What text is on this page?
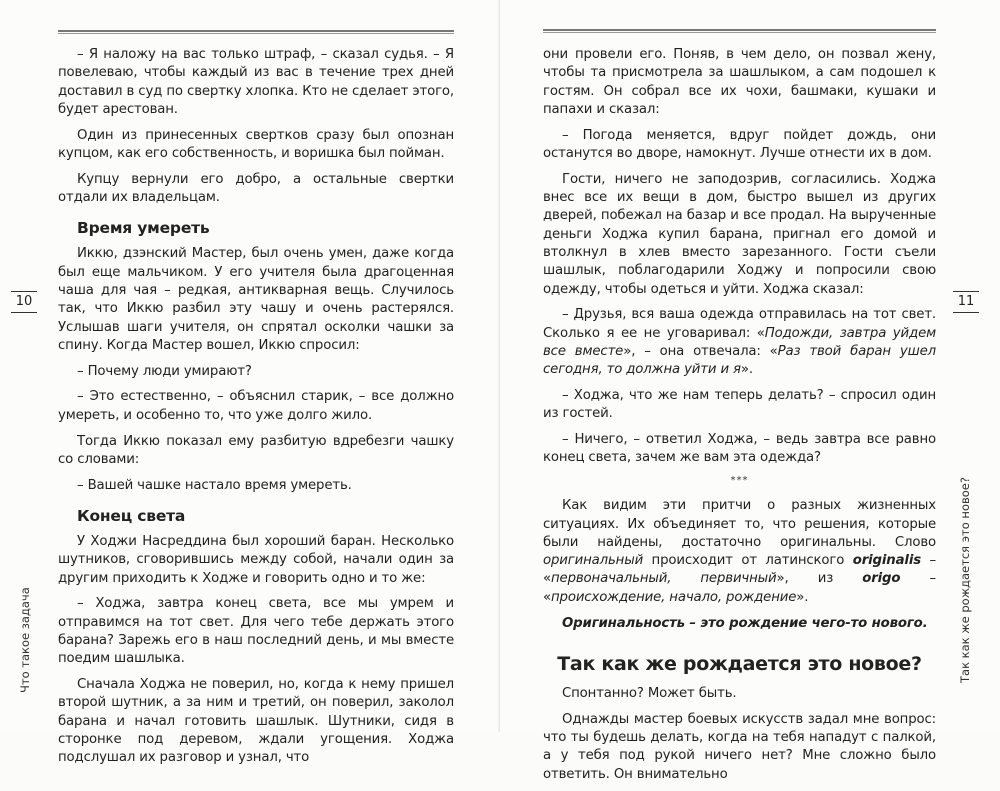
– Я наложу на вас только штраф, – сказал судья. – Я повелеваю, чтобы каждый из вас в течение трех дней доставил в суд по свертку хлопка. Кто не сделает этого, будет арестован.

Один из принесенных свертков сразу был опознан купцом, как его собственность, и воришка был пойман.

Купцу вернули его добро, а остальные свертки отдали их владельцам.

Время умереть

Иккю, дзэнский Мастер, был очень умен, даже когда был еще мальчиком. У его учителя была драгоценная чаша для чая – редкая, антикварная вещь. Случилось так, что Иккю разбил эту чашу и очень растерялся. Услышав шаги учителя, он спрятал осколки чашки за спину. Когда Мастер вошел, Иккю спросил:

– Почему люди умирают?

– Это естественно, – объяснил старик, – все должно умереть, и особенно то, что уже долго жило.

Тогда Иккю показал ему разбитую вдребезги чашку со словами:

– Вашей чашке настало время умереть.

Конец света

У Ходжи Насреддина был хороший баран. Несколько шутников, сговорившись между собой, начали один за другим приходить к Ходже и говорить одно и то же:

– Ходжа, завтра конец света, все мы умрем и отправимся на тот свет. Для чего тебе держать этого барана? Зарежь его в наш последний день, и мы вместе поедим шашлыка.

Сначала Ходжа не поверил, но, когда к нему пришел второй шутник, а за ним и третий, он поверил, заколол барана и начал готовить шашлык. Шутники, сидя в сторонке под деревом, ждали угощения. Ходжа подслушал их разговор и узнал, что

10
Что такое задача

они провели его. Поняв, в чем дело, он позвал жену, чтобы та присмотрела за шашлыком, а сам подошел к гостям. Он собрал все их чохи, башмаки, кушаки и папахи и сказал:

– Погода меняется, вдруг пойдет дождь, они останутся во дворе, намокнут. Лучше отнести их в дом.

Гости, ничего не заподозрив, согласились. Ходжа внес все их вещи в дом, быстро вышел из других дверей, побежал на базар и все продал. На вырученные деньги Ходжа купил барана, пригнал его домой и втолкнул в хлев вместо зарезанного. Гости съели шашлык, поблагодарили Ходжу и попросили свою одежду, чтобы одеться и уйти. Ходжа сказал:

– Друзья, вся ваша одежда отправилась на тот свет. Сколько я ее не уговаривал: «Подожди, завтра уйдем все вместе», – она отвечала: «Раз твой баран ушел сегодня, то должна уйти и я».

– Ходжа, что же нам теперь делать? – спросил один из гостей.

– Ничего, – ответил Ходжа, – ведь завтра все равно конец света, зачем же вам эта одежда?

***

Как видим эти притчи о разных жизненных ситуациях. Их объединяет то, что решения, которые были найдены, достаточно оригинальны. Слово оригинальный происходит от латинского originalis – «первоначальный, первичный», из origo – «происхождение, начало, рождение».

Оригинальность – это рождение чего-то нового.

Так как же рождается это новое?

Спонтанно? Может быть.

Однажды мастер боевых искусств задал мне вопрос: что ты будешь делать, когда на тебя нападут с палкой, а у тебя под рукой ничего нет? Мне сложно было ответить. Он внимательно

11
Так как же рождается это новое?
